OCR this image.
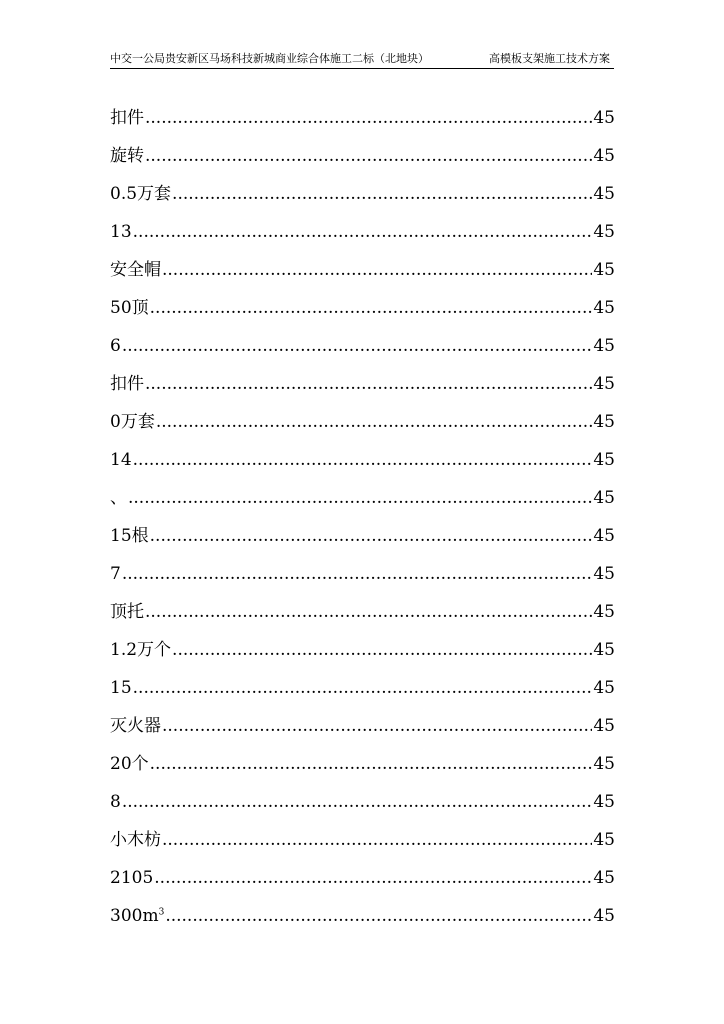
中交一公局贵安新区马场科技新城商业综合体施工二标（北地块）	高模板支架施工技术方案
扣件 .....	45
旋转 .....	45
0.5万套 .....	45
13 .....	45
安全帽 .....	45
50顶 .....	45
6 .....	45
扣件 .....	45
0万套 .....	45
14 .....	45
、 .....	45
15根 .....	45
7 .....	45
顶托 .....	45
1.2万个 .....	45
15 .....	45
灭火器 .....	45
20个 .....	45
8 .....	45
小木枋 .....	45
2105 .....	45
$300m^3$ .....	45
